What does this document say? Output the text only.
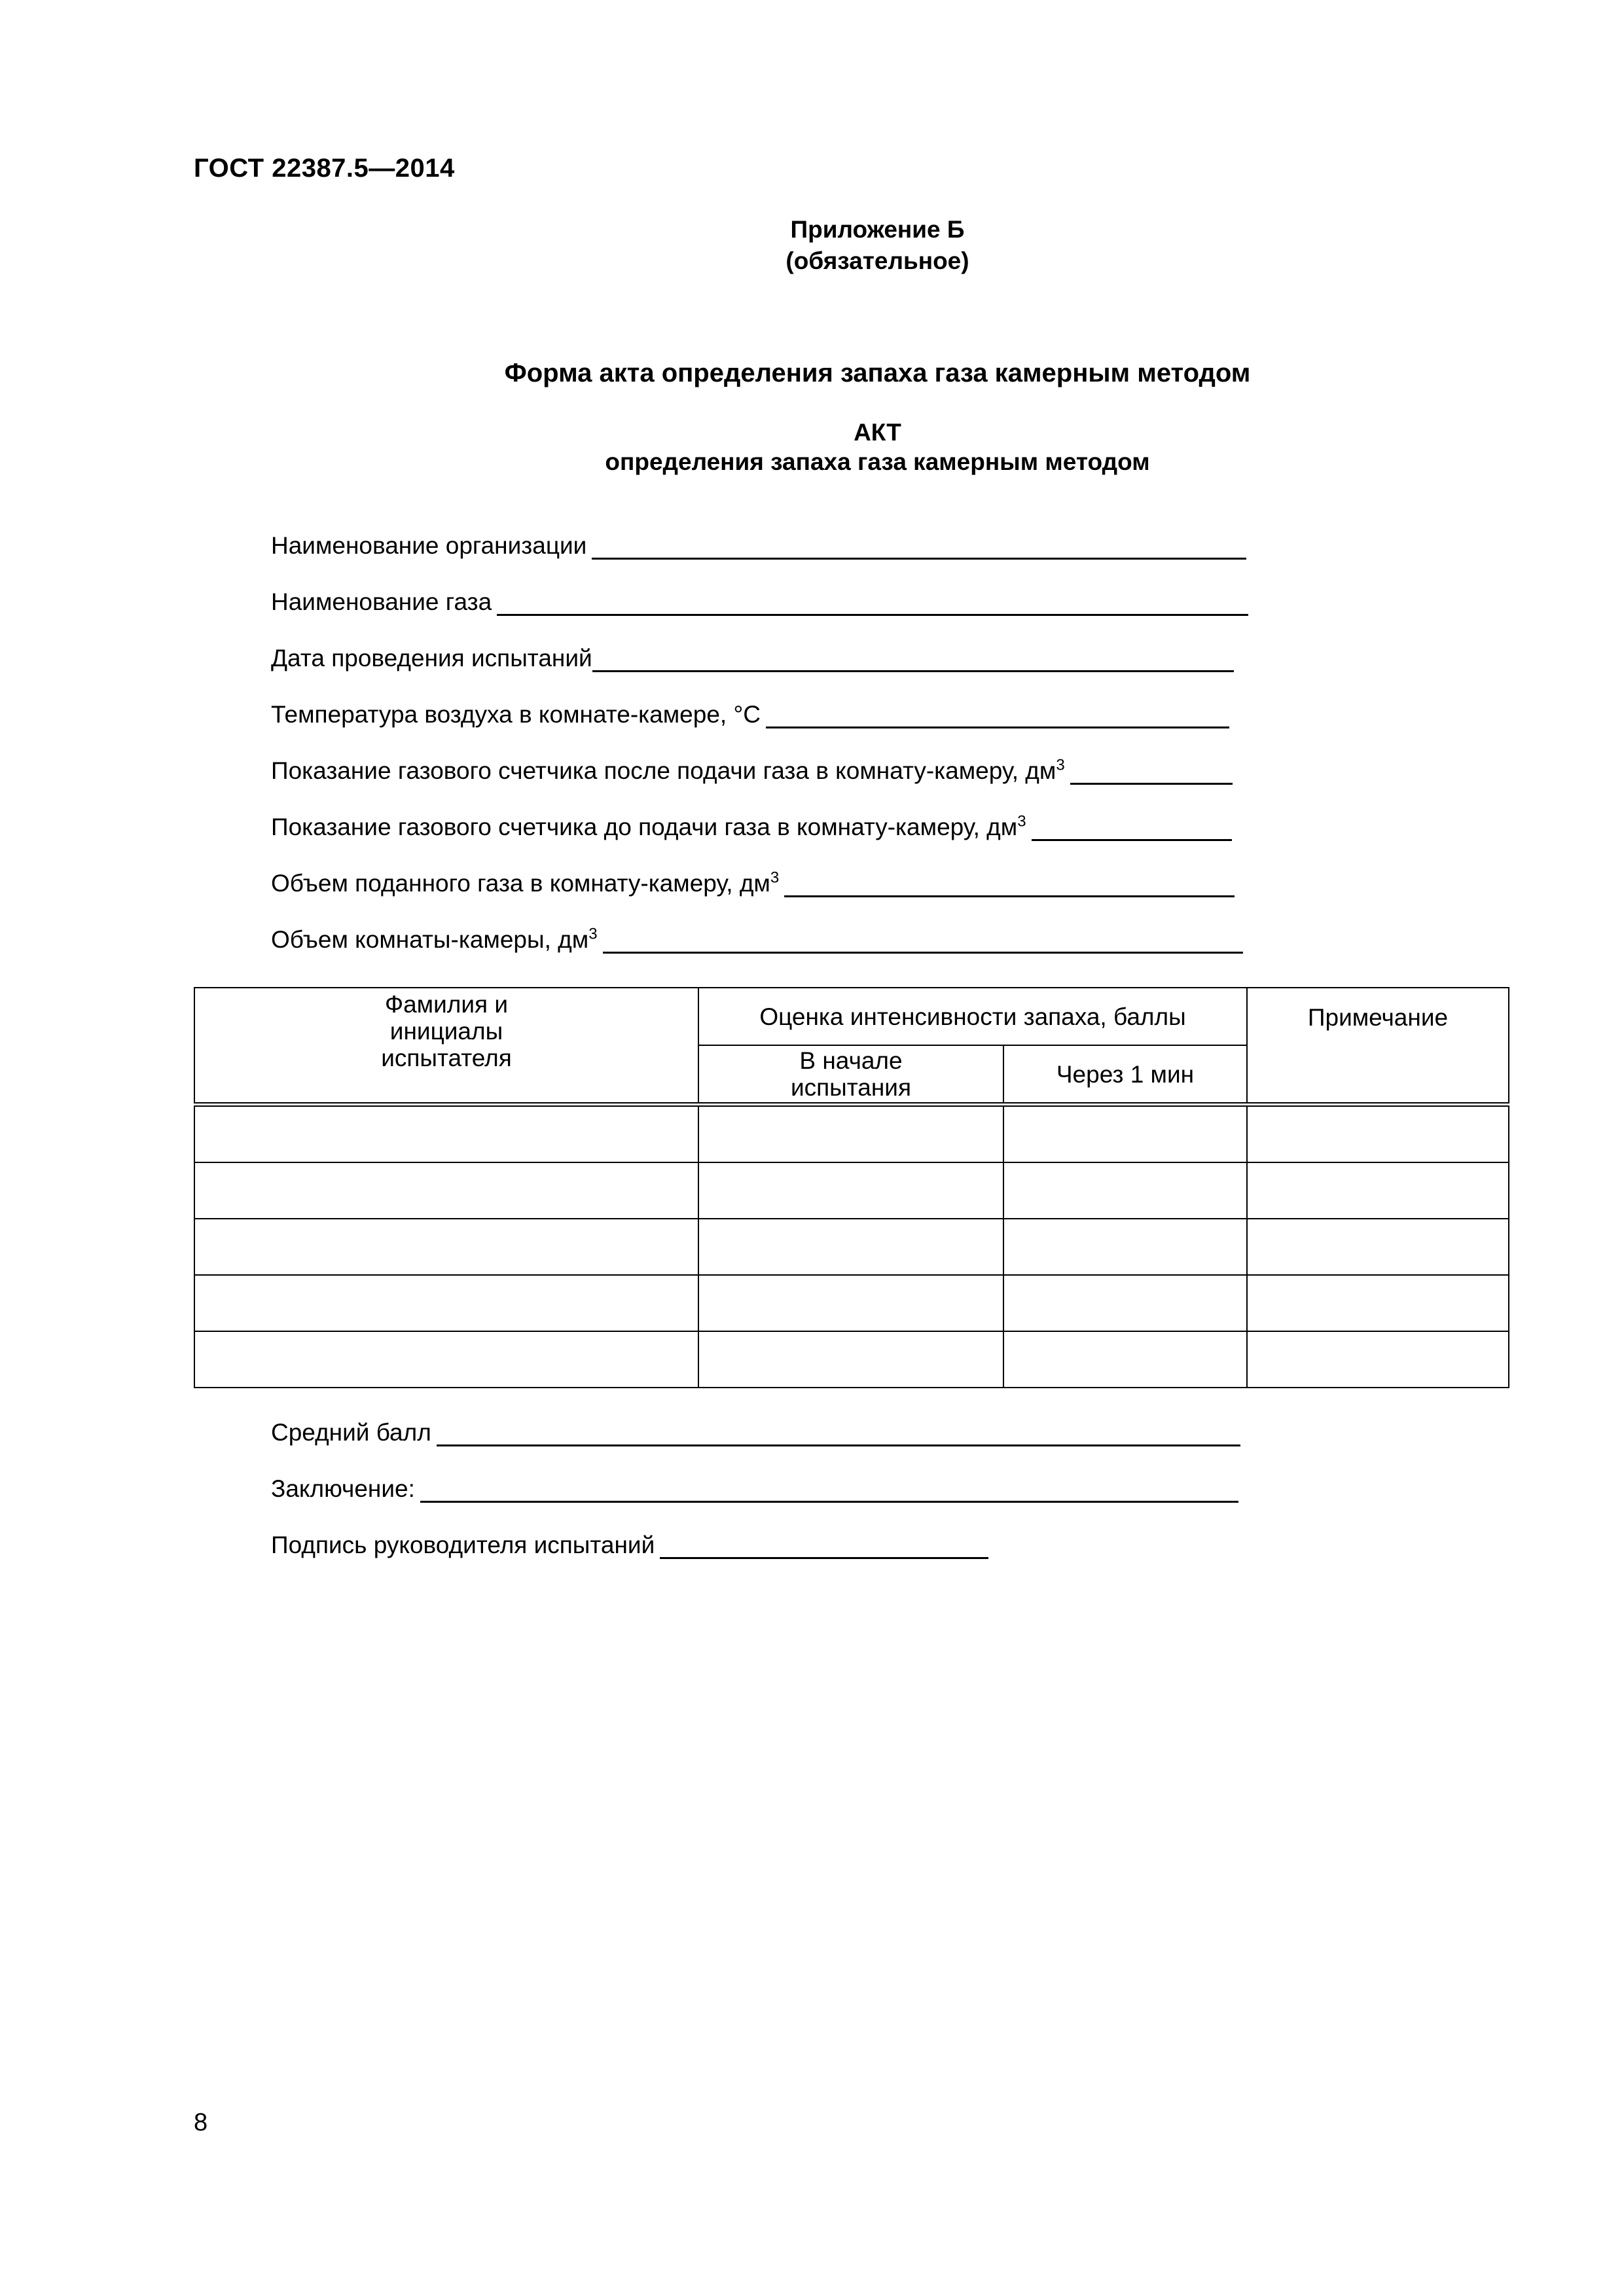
ГОСТ 22387.5—2014
Приложение Б
(обязательное)
Форма акта определения запаха газа камерным методом
АКТ
определения запаха газа камерным методом
Наименование организации
Наименование газа
Дата проведения испытаний
Температура воздуха в комнате-камере, °С
Показание газового счетчика после подачи газа в комнату-камеру, $дм^3$
Показание газового счетчика до подачи газа в комнату-камеру, $дм^3$
Объем поданного газа в комнату-камеру, $дм^3$
Объем комнаты-камеры, $дм^3$
Фамилия и инициалы испытателя	Оценка интенсивности запаха, баллы		Примечание
	В начале испытания	Через 1 мин	

Средний балл
Заключение:
Подпись руководителя испытаний
8
